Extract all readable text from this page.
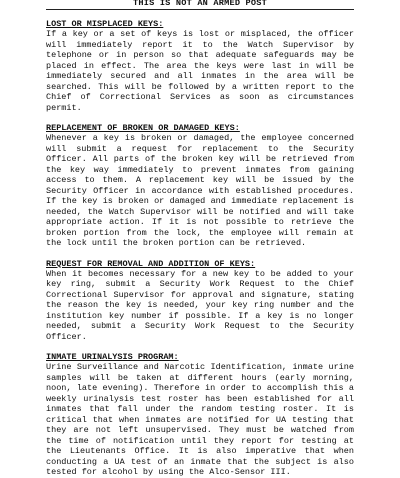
THIS IS NOT AN ARMED POST
LOST OR MISPLACED KEYS:

If a key or a set of keys is lost or misplaced, the officer will immediately report it to the Watch Supervisor by telephone or in person so that adequate safeguards may be placed in effect. The area the keys were last in will be immediately secured and all inmates in the area will be searched. This will be followed by a written report to the Chief of Correctional Services as soon as circumstances permit.

REPLACEMENT OF BROKEN OR DAMAGED KEYS:

Whenever a key is broken or damaged, the employee concerned will submit a request for replacement to the Security Officer. All parts of the broken key will be retrieved from the key way immediately to prevent inmates from gaining access to them. A replacement key will be issued by the Security Officer in accordance with established procedures. If the key is broken or damaged and immediate replacement is needed, the Watch Supervisor will be notified and will take appropriate action. If it is not possible to retrieve the broken portion from the lock, the employee will remain at the lock until the broken portion can be retrieved.

REQUEST FOR REMOVAL AND ADDITION OF KEYS:

When it becomes necessary for a new key to be added to your key ring, submit a Security Work Request to the Chief Correctional Supervisor for approval and signature, stating the reason the key is needed, your key ring number and the institution key number if possible. If a key is no longer needed, submit a Security Work Request to the Security Officer.

INMATE URINALYSIS PROGRAM:

Urine Surveillance and Narcotic Identification, inmate urine samples will be taken at different hours (early morning, noon, late evening). Therefore in order to accomplish this a weekly urinalysis test roster has been established for all inmates that fall under the random testing roster. It is critical that when inmates are notified for UA testing that they are not left unsupervised. They must be watched from the time of notification until they report for testing at the Lieutenants Office. It is also imperative that when conducting a UA test of an inmate that the subject is also tested for alcohol by using the Alco-Sensor III.
